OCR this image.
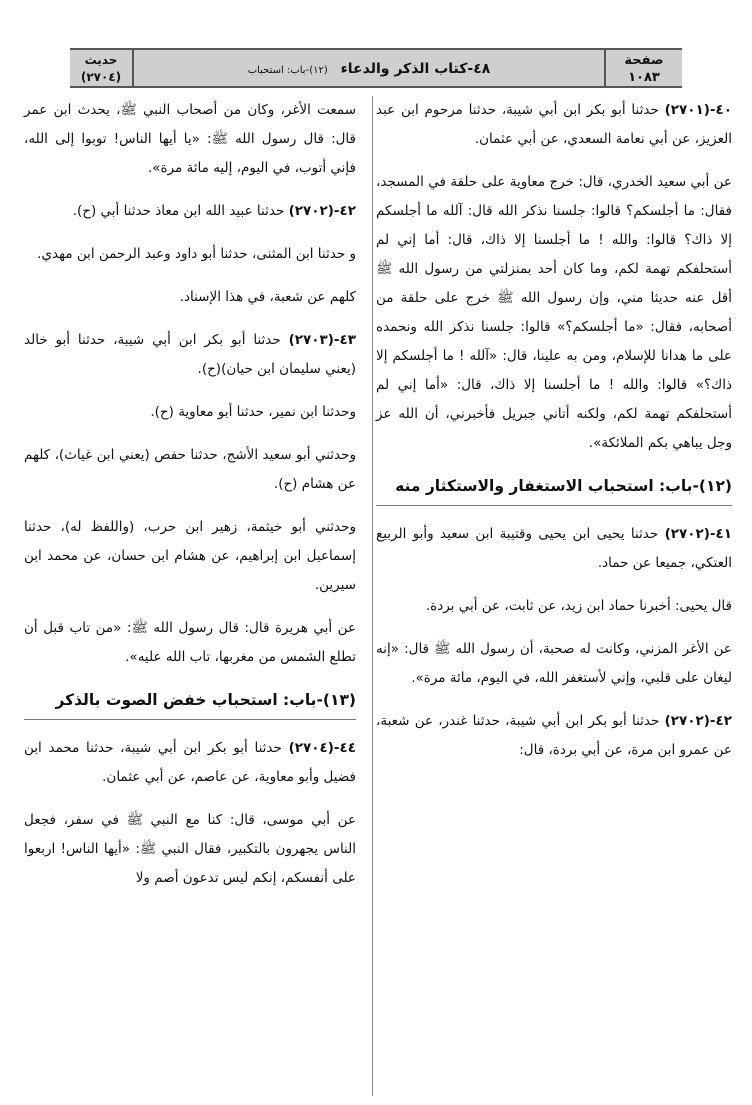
صفحة
١٠٨٣
٤٨-كتاب الذكر والدعاء (١٢)-باب: استحباب
حديث
(٢٧٠٤)

٤٠-(٢٧٠١) حدثنا أبو بكر ابن أبي شيبة، حدثنا مرحوم ابن عبد العزيز، عن أبي نعامة السعدي، عن أبي عثمان.

عن أبي سعيد الخدري، قال: خرج معاوية على حلقة في المسجد، فقال: ما أجلسكم؟ قالوا: جلسنا نذكر الله قال: آلله ما أجلسكم إلا ذاك؟ قالوا: والله ! ما أجلسنا إلا ذاك، قال: أما إني لم أستحلفكم تهمة لكم، وما كان أحد بمنزلتي من رسول الله ﷺ أقل عنه حديثا مني، وإن رسول الله ﷺ خرج على حلقة من أصحابه، فقال: «ما أجلسكم؟» قالوا: جلسنا نذكر الله ونحمده على ما هدانا للإسلام، ومن به علينا، قال: «آلله ! ما أجلسكم إلا ذاك؟» قالوا: والله ! ما أجلسنا إلا ذاك، قال: «أما إني لم أستحلفكم تهمة لكم، ولكنه أتاني جبريل فأخبرني، أن الله عز وجل يباهي بكم الملائكة».

(١٢)-باب: استحباب الاستغفار والاستكثار منه

٤١-(٢٧٠٢) حدثنا يحيى ابن يحيى وقتيبة ابن سعيد وأبو الربيع العتكي، جميعا عن حماد.

قال يحيى: أخبرنا حماد ابن زيد، عن ثابت، عن أبي بردة.

عن الأغر المزني، وكانت له صحبة، أن رسول الله ﷺ قال: «إنه ليغان على قلبي، وإني لأستغفر الله، في اليوم، مائة مرة».

٤٢-(٢٧٠٢) حدثنا أبو بكر ابن أبي شيبة، حدثنا غندر، عن شعبة، عن عمرو ابن مرة، عن أبي بردة، قال:

سمعت الأغر، وكان من أصحاب النبي ﷺ، يحدث ابن عمر قال: قال رسول الله ﷺ: «يا أيها الناس! توبوا إلى الله، فإني أتوب، في اليوم، إليه مائة مرة».

٤٢-(٢٧٠٢) حدثنا عبيد الله ابن معاذ حدثنا أبي (ح).

و حدثنا ابن المثنى، حدثنا أبو داود وعبد الرحمن ابن مهدي.

كلهم عن شعبة، في هذا الإسناد.

٤٣-(٢٧٠٣) حدثنا أبو بكر ابن أبي شيبة، حدثنا أبو خالد (يعني سليمان ابن حيان)(ح).

وحدثنا ابن نمير، حدثنا أبو معاوية (ح).

وحدثني أبو سعيد الأشج، حدثنا حفص (يعني ابن غياث)، كلهم عن هشام (ح).

وحدثني أبو خيثمة، زهير ابن حرب، (واللفظ له)، حدثنا إسماعيل ابن إبراهيم، عن هشام ابن حسان، عن محمد ابن سيرين.

عن أبي هريرة قال: قال رسول الله ﷺ: «من تاب قبل أن تطلع الشمس من مغربها، تاب الله عليه».

(١٣)-باب: استحباب خفض الصوت بالذكر

٤٤-(٢٧٠٤) حدثنا أبو بكر ابن أبي شيبة، حدثنا محمد ابن فضيل وأبو معاوية، عن عاصم، عن أبي عثمان.

عن أبي موسى، قال: كنا مع النبي ﷺ في سفر، فجعل الناس يجهرون بالتكبير، فقال النبي ﷺ: «أيها الناس! اربعوا على أنفسكم، إنكم ليس تدعون أصم ولا
